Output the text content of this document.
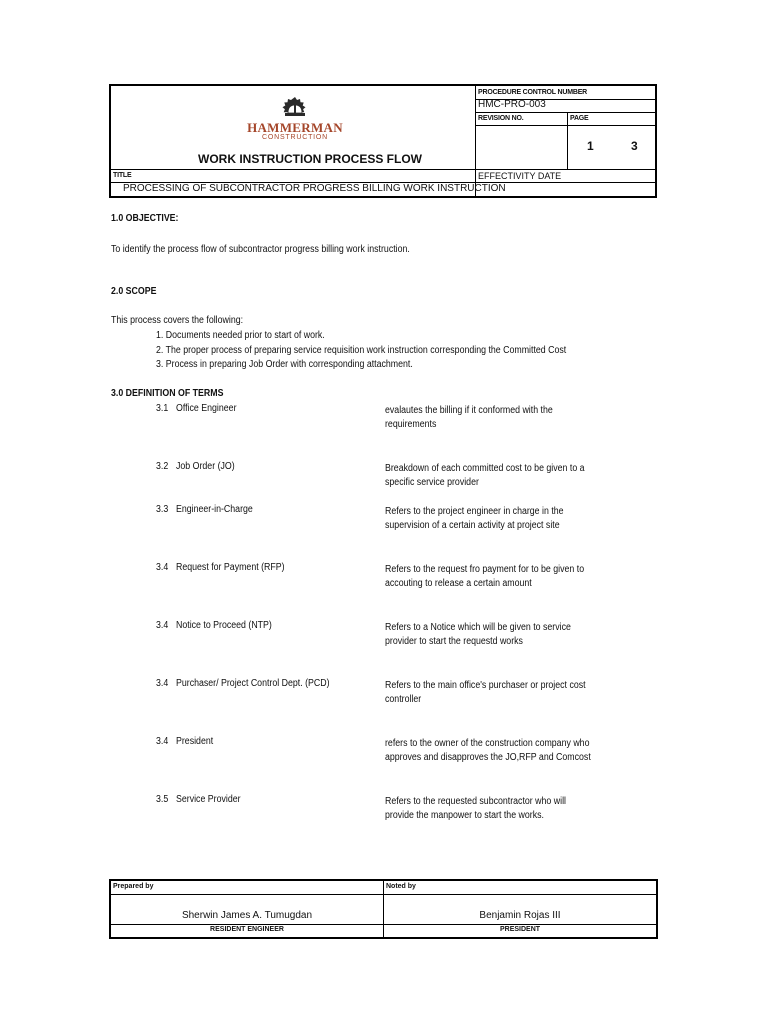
HAMMERMAN
CONSTRUCTION
WORK INSTRUCTION PROCESS FLOW
PROCEDURE CONTROL NUMBER
HMC-PRO-003
REVISION NO.	PAGE
1	3
TITLE
PROCESSING OF SUBCONTRACTOR PROGRESS BILLING WORK INSTRUCTION
EFFECTIVITY DATE
1.0 OBJECTIVE:
To identify the process flow of subcontractor progress billing work instruction.
2.0 SCOPE
This process covers the following:
1. Documents needed prior to start of work.
2. The proper process of preparing service requisition work instruction corresponding the Committed Cost
3. Process in preparing Job Order with corresponding attachment.
3.0 DEFINITION OF TERMS
3.1 Office Engineer	evalautes the billing if it conformed with the
requirements
3.2 Job Order (JO)	Breakdown of each committed cost to be given to a
specific service provider
3.3 Engineer-in-Charge	Refers to the project engineer in charge in the
supervision of a certain activity at project site
3.4 Request for Payment (RFP)	Refers to the request fro payment for to be given to
accouting to release a certain amount
3.4 Notice to Proceed (NTP)	Refers to a Notice which will be given to service
provider to start the requestd works
3.4 Purchaser/ Project Control Dept. (PCD)	Refers to the main office's purchaser or project cost
controller
3.4 President	refers to the owner of the construction company who
approves and disapproves the JO,RFP and Comcost
3.5 Service Provider	Refers to the requested subcontractor who will
provide the manpower to start the works.
Prepared by	Noted by
Sherwin James A. Tumugdan	Benjamin Rojas III
RESIDENT ENGINEER	PRESIDENT
